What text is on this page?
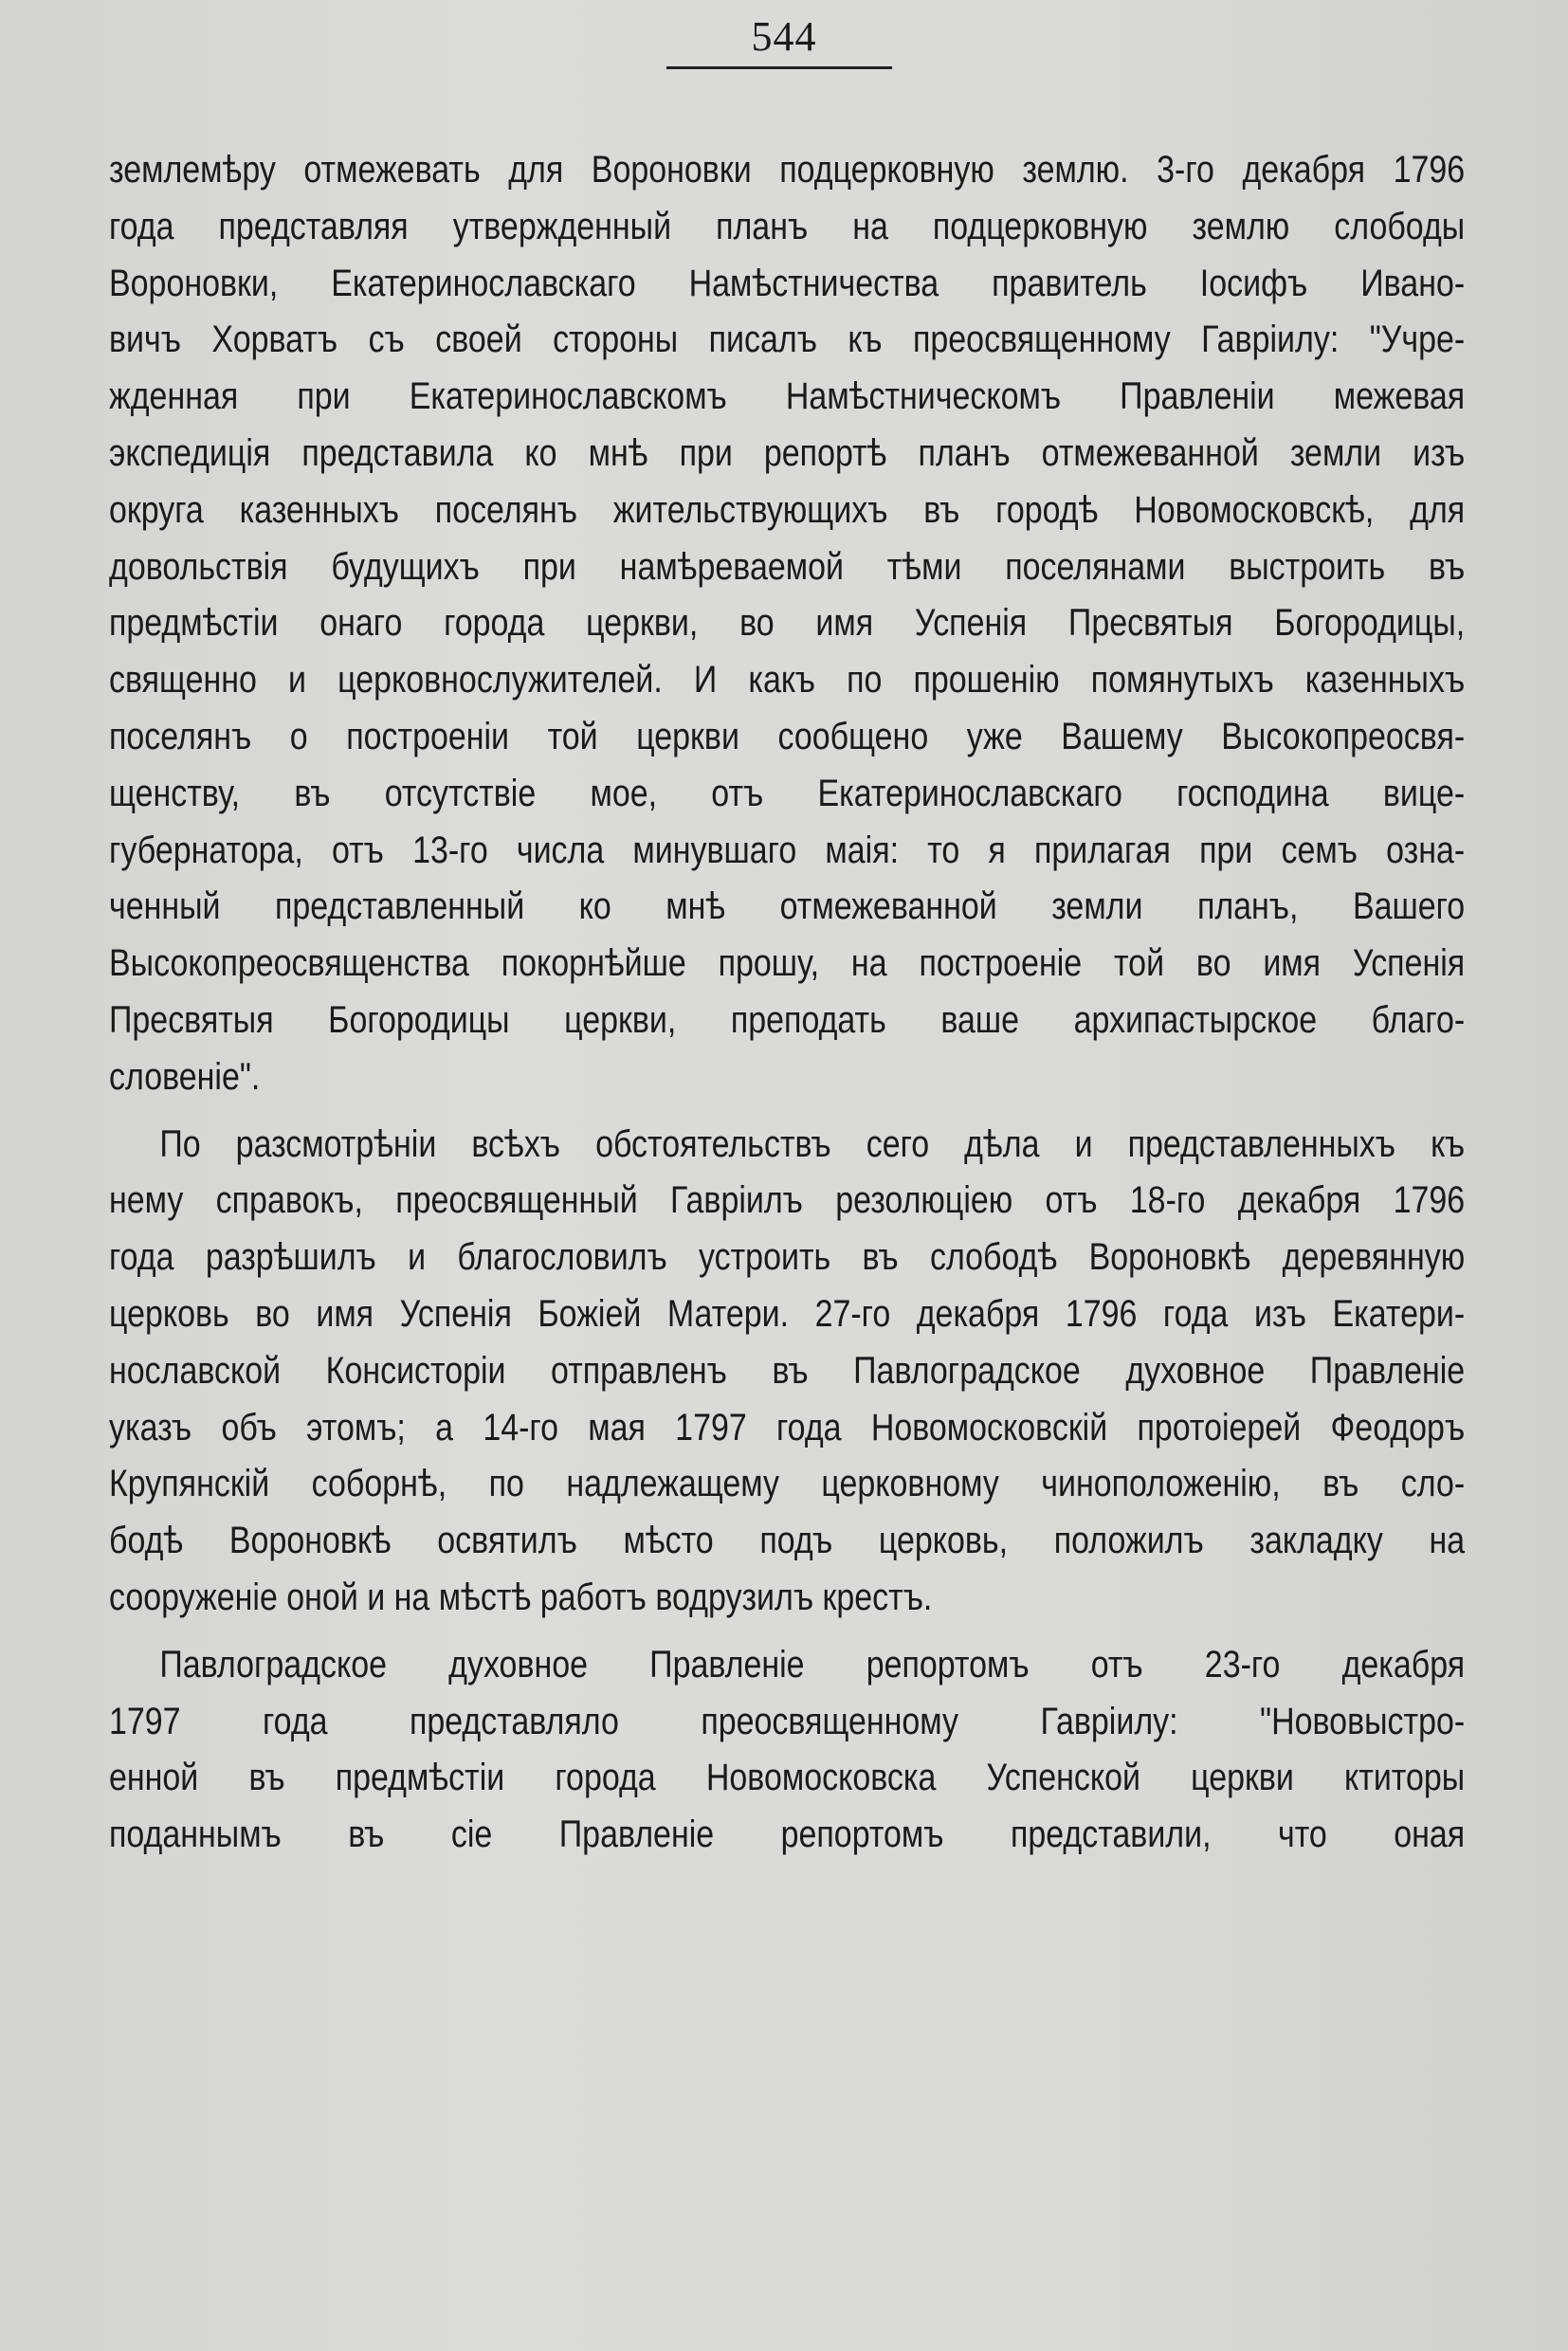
544
землемѣру отмежевать для Вороновки подцерковную землю. 3-го декабря 1796
года представляя утвержденный планъ на подцерковную землю слободы
Вороновки, Екатеринославскаго Намѣстничества правитель Іосифъ Ивано-
вичъ Хорватъ съ своей стороны писалъ къ преосвященному Гавріилу: "Учре-
жденная при Екатеринославскомъ Намѣстническомъ Правленіи межевая
экспедиція представила ко мнѣ при репортѣ планъ отмежеванной земли изъ
округа казенныхъ поселянъ жительствующихъ въ городѣ Новомосковскѣ, для
довольствія будущихъ при намѣреваемой тѣми поселянами выстроить въ
предмѣстіи онаго города церкви, во имя Успенія Пресвятыя Богородицы,
священно и церковнослужителей. И какъ по прошенію помянутыхъ казенныхъ
поселянъ о построеніи той церкви сообщено уже Вашему Высокопреосвя-
щенству, въ отсутствіе мое, отъ Екатеринославскаго господина вице-
губернатора, отъ 13-го числа минувшаго маія: то я прилагая при семъ озна-
ченный представленный ко мнѣ отмежеванной земли планъ, Вашего
Высокопреосвященства покорнѣйше прошу, на построеніе той во имя Успенія
Пресвятыя Богородицы церкви, преподать ваше архипастырское благо-
словеніе".
По разсмотрѣніи всѣхъ обстоятельствъ сего дѣла и представленныхъ къ
нему справокъ, преосвященный Гавріилъ резолюціею отъ 18-го декабря 1796
года разрѣшилъ и благословилъ устроить въ слободѣ Вороновкѣ деревянную
церковь во имя Успенія Божіей Матери. 27-го декабря 1796 года изъ Екатери-
нославской Консисторіи отправленъ въ Павлоградское духовное Правленіе
указъ объ этомъ; а 14-го мая 1797 года Новомосковскій протоіерей Феодоръ
Крупянскій соборнѣ, по надлежащему церковному чиноположенію, въ сло-
бодѣ Вороновкѣ освятилъ мѣсто подъ церковь, положилъ закладку на
сооруженіе оной и на мѣстѣ работъ водрузилъ крестъ.
Павлоградское духовное Правленіе репортомъ отъ 23-го декабря
1797 года представляло преосвященному Гавріилу: "Нововыстро-
енной въ предмѣстіи города Новомосковска Успенской церкви ктиторы
поданнымъ въ сіе Правленіе репортомъ представили, что оная
